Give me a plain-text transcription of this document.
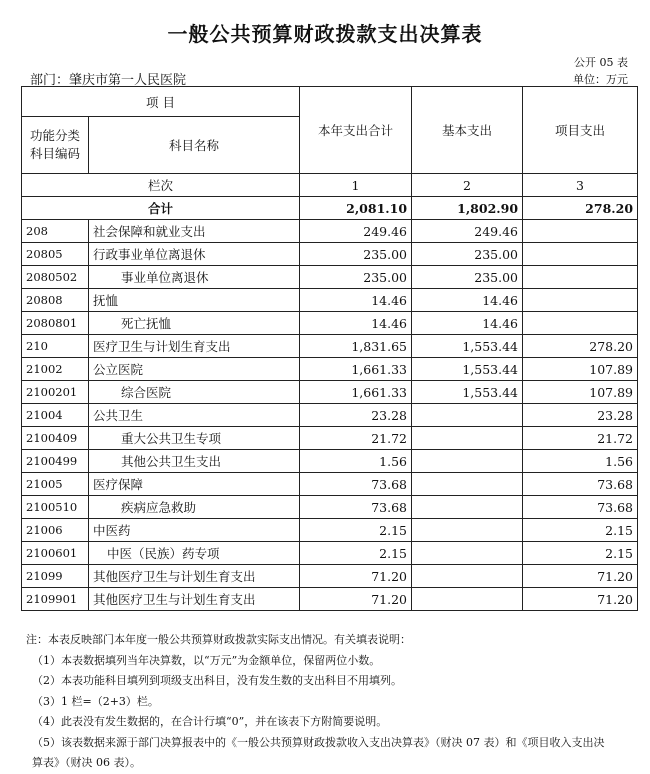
一般公共预算财政拨款支出决算表
公开 05 表
部门：肇庆市第一人民医院	单位：万元
项 目		本年支出合计	基本支出	项目支出
功能分类
科目编码	科目名称			
栏次		1	2	3
合计		2,081.10	1,802.90	278.20
208	社会保障和就业支出	249.46	249.46	
20805	行政事业单位离退休	235.00	235.00	
2080502	事业单位离退休	235.00	235.00	
20808	抚恤	14.46	14.46	
2080801	死亡抚恤	14.46	14.46	
210	医疗卫生与计划生育支出	1,831.65	1,553.44	278.20
21002	公立医院	1,661.33	1,553.44	107.89
2100201	综合医院	1,661.33	1,553.44	107.89
21004	公共卫生	23.28		23.28
2100409	重大公共卫生专项	21.72		21.72
2100499	其他公共卫生支出	1.56		1.56
21005	医疗保障	73.68		73.68
2100510	疾病应急救助	73.68		73.68
21006	中医药	2.15		2.15
2100601	中医（民族）药专项	2.15		2.15
21099	其他医疗卫生与计划生育支出	71.20		71.20
2109901	其他医疗卫生与计划生育支出	71.20		71.20
注：本表反映部门本年度一般公共预算财政拨款实际支出情况。有关填表说明：
（1）本表数据填列当年决算数，以“万元”为金额单位，保留两位小数。
（2）本表功能科目填列到项级支出科目，没有发生数的支出科目不用填列。
（3）1 栏=（2+3）栏。
（4）此表没有发生数据的，在合计行填“0”，并在该表下方附简要说明。
（5）该表数据来源于部门决算报表中的《一般公共预算财政拨款收入支出决算表》（财决 07 表）和《项目收入支出决
算表》（财决 06 表）。
